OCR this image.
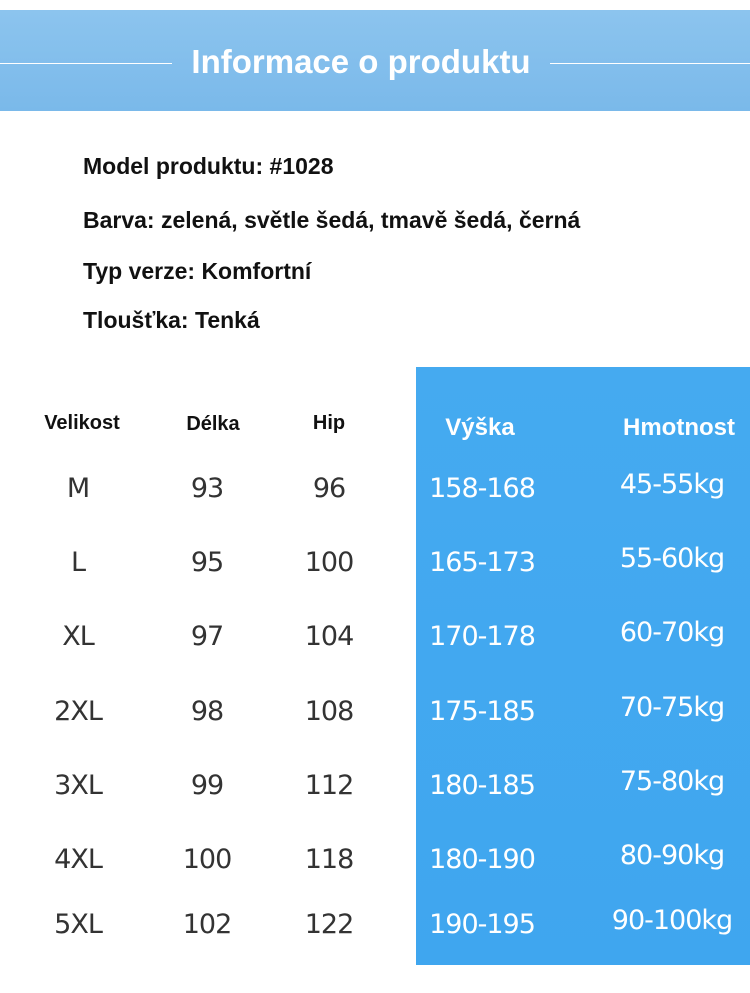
Informace o produktu
Model produktu: #1028
Barva: zelená, světle šedá, tmavě šedá, černá
Typ verze: Komfortní
Tloušťka: Tenká
Velikost	Délka	Hip	Výška	Hmotnost
M	93	96	158-168	45-55kg
L	95	100	165-173	55-60kg
XL	97	104	170-178	60-70kg
2XL	98	108	175-185	70-75kg
3XL	99	112	180-185	75-80kg
4XL	100	118	180-190	80-90kg
5XL	102	122	190-195	90-100kg
